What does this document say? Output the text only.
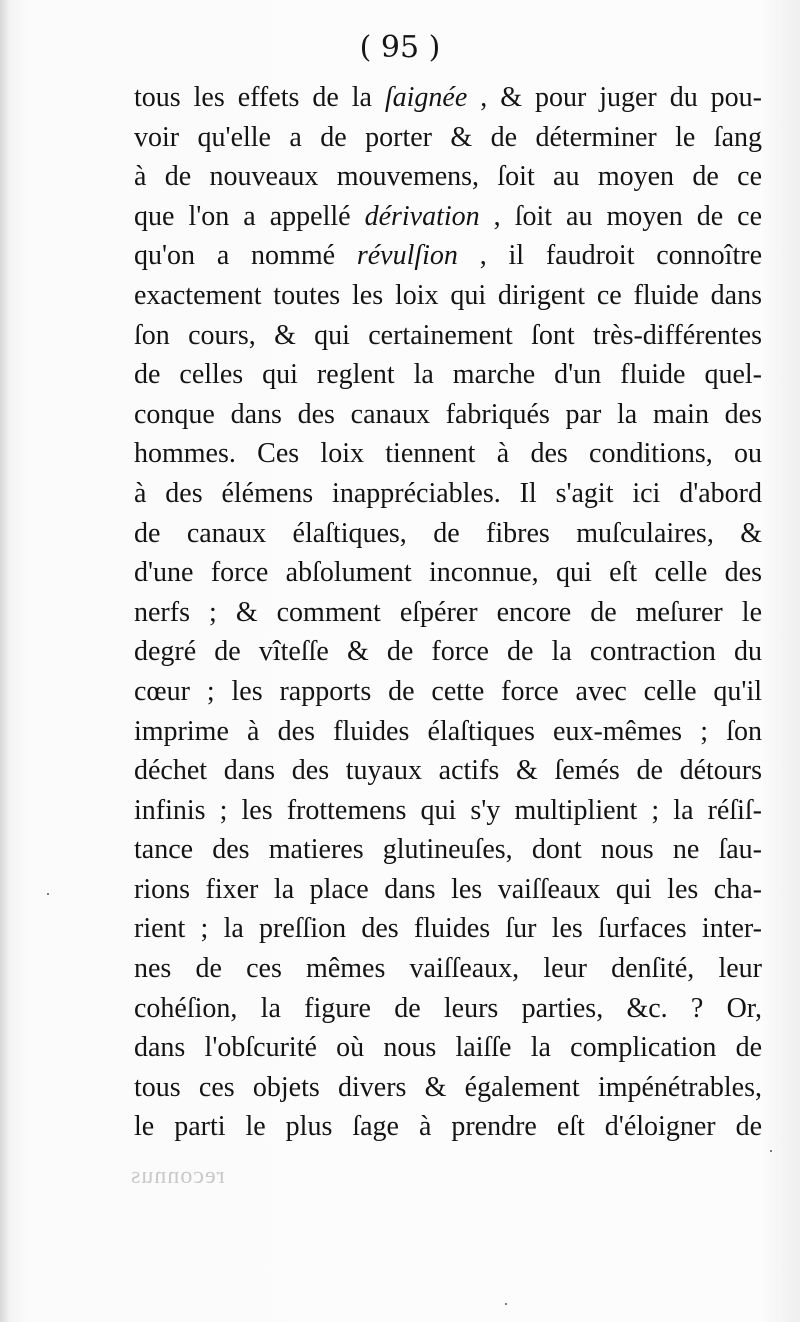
( 95 )
tous les effets de la ſaignée , & pour juger du pou-
voir qu'elle a de porter & de déterminer le ſang
à de nouveaux mouvemens, ſoit au moyen de ce
que l'on a appellé dérivation , ſoit au moyen de ce
qu'on a nommé révulſion , il faudroit connoître
exactement toutes les loix qui dirigent ce fluide dans
ſon cours, & qui certainement ſont très-différentes
de celles qui reglent la marche d'un fluide quel-
conque dans des canaux fabriqués par la main des
hommes. Ces loix tiennent à des conditions, ou
à des élémens inappréciables. Il s'agit ici d'abord
de canaux élaſtiques, de fibres muſculaires, &
d'une force abſolument inconnue, qui eſt celle des
nerfs ; & comment eſpérer encore de meſurer le
degré de vîteſſe & de force de la contraction du
cœur ; les rapports de cette force avec celle qu'il
imprime à des fluides élaſtiques eux-mêmes ; ſon
déchet dans des tuyaux actifs & ſemés de détours
infinis ; les frottemens qui s'y multiplient ; la réſiſ-
tance des matieres glutineuſes, dont nous ne ſau-
rions fixer la place dans les vaiſſeaux qui les cha-
rient ; la preſſion des fluides ſur les ſurfaces inter-
nes de ces mêmes vaiſſeaux, leur denſité, leur
cohéſion, la figure de leurs parties, &c. ? Or,
dans l'obſcurité où nous laiſſe la complication de
tous ces objets divers & également impénétrables,
le parti le plus ſage à prendre eſt d'éloigner de
reconnus
